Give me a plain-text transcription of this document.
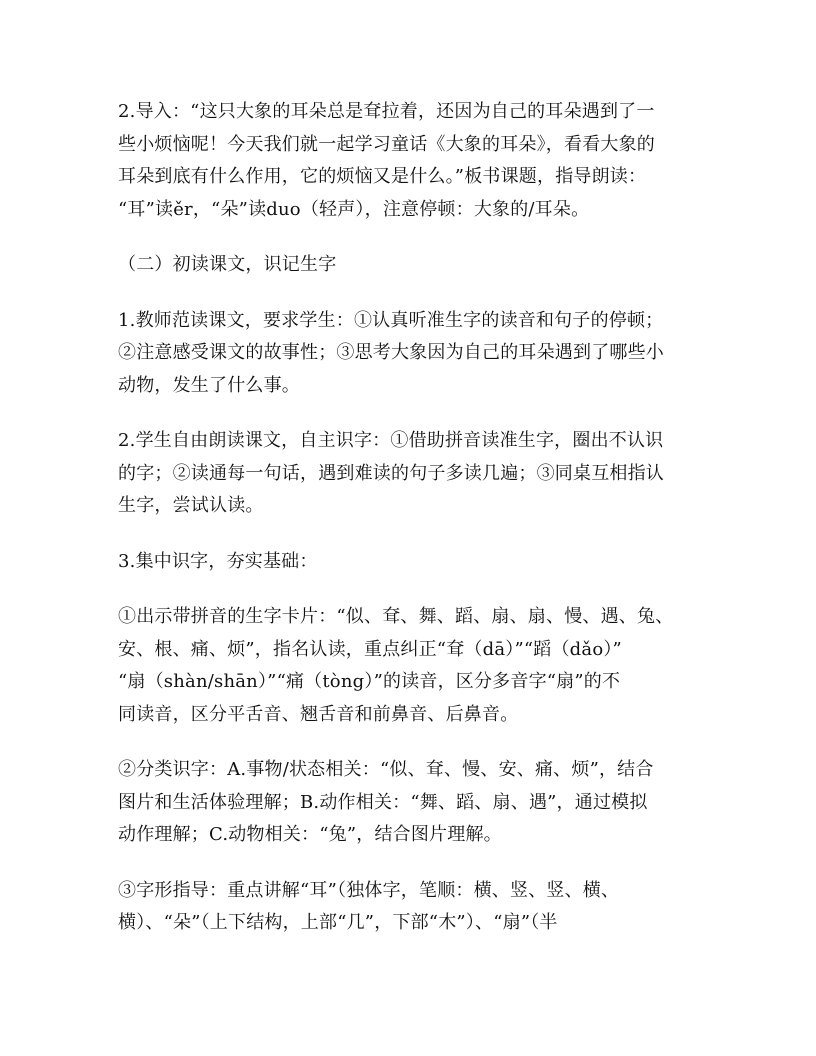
2.导入：“这只大象的耳朵总是耷拉着，还因为自己的耳朵遇到了一
些小烦恼呢！今天我们就一起学习童话《大象的耳朵》，看看大象的
耳朵到底有什么作用，它的烦恼又是什么。”板书课题，指导朗读：
“耳”读ěr，“朵”读duo（轻声），注意停顿：大象的/耳朵。

（二）初读课文，识记生字

1.教师范读课文，要求学生：①认真听准生字的读音和句子的停顿；
②注意感受课文的故事性；③思考大象因为自己的耳朵遇到了哪些小
动物，发生了什么事。

2.学生自由朗读课文，自主识字：①借助拼音读准生字，圈出不认识
的字；②读通每一句话，遇到难读的句子多读几遍；③同桌互相指认
生字，尝试认读。

3.集中识字，夯实基础：

①出示带拼音的生字卡片：“似、耷、舞、蹈、扇、扇、慢、遇、兔、
安、根、痛、烦”，指名认读，重点纠正“耷（dā）”“蹈（dǎo）”
“扇（shàn/shān）”“痛（tòng）”的读音，区分多音字“扇”的不
同读音，区分平舌音、翘舌音和前鼻音、后鼻音。

②分类识字：A.事物/状态相关：“似、耷、慢、安、痛、烦”，结合
图片和生活体验理解；B.动作相关：“舞、蹈、扇、遇”，通过模拟
动作理解；C.动物相关：“兔”，结合图片理解。

③字形指导：重点讲解“耳”（独体字，笔顺：横、竖、竖、横、
横）、“朵”（上下结构，上部“几”，下部“木”）、“扇”（半
